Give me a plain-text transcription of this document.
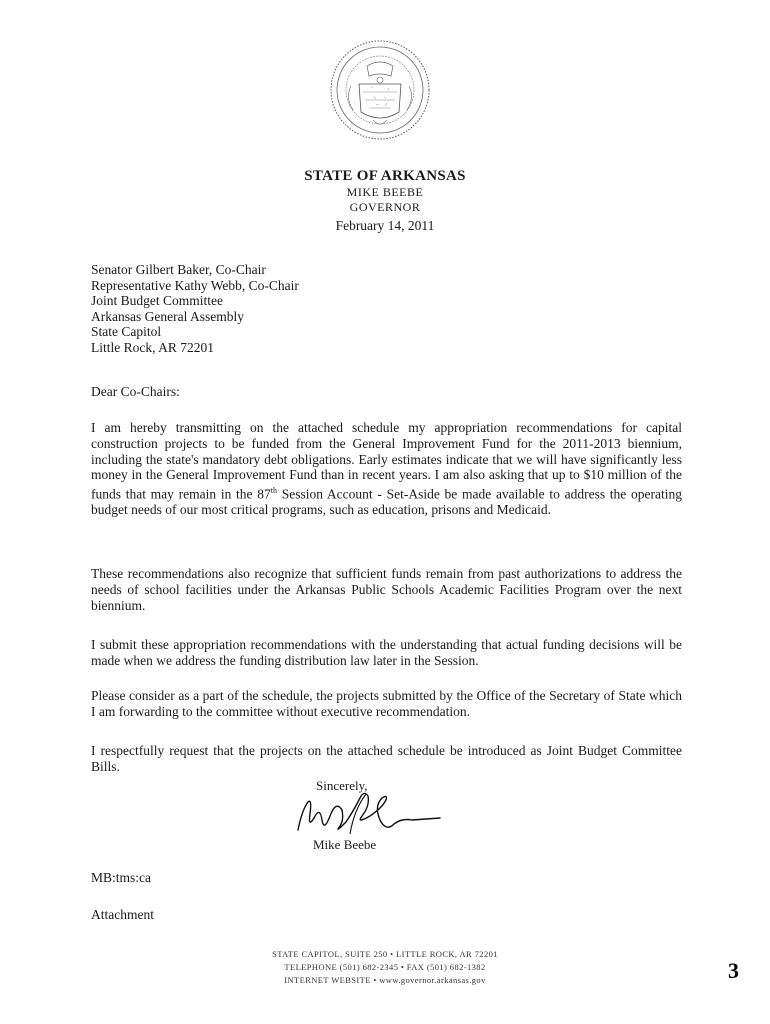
STATE OF ARKANSAS
MIKE BEEBE
GOVERNOR
February 14, 2011
Senator Gilbert Baker, Co-Chair
Representative Kathy Webb, Co-Chair
Joint Budget Committee
Arkansas General Assembly
State Capitol
Little Rock, AR 72201
Dear Co-Chairs:

I am hereby transmitting on the attached schedule my appropriation recommendations for capital construction projects to be funded from the General Improvement Fund for the 2011-2013 biennium, including the state's mandatory debt obligations. Early estimates indicate that we will have significantly less money in the General Improvement Fund than in recent years. I am also asking that up to $10 million of the funds that may remain in the 87th Session Account - Set-Aside be made available to address the operating budget needs of our most critical programs, such as education, prisons and Medicaid.

These recommendations also recognize that sufficient funds remain from past authorizations to address the needs of school facilities under the Arkansas Public Schools Academic Facilities Program over the next biennium.

I submit these appropriation recommendations with the understanding that actual funding decisions will be made when we address the funding distribution law later in the Session.

Please consider as a part of the schedule, the projects submitted by the Office of the Secretary of State which I am forwarding to the committee without executive recommendation.

I respectfully request that the projects on the attached schedule be introduced as Joint Budget Committee Bills.

Sincerely,
Mike Beebe
MB:tms:ca
Attachment
STATE CAPITOL, SUITE 250 • LITTLE ROCK, AR 72201
TELEPHONE (501) 682-2345 • FAX (501) 682-1382
INTERNET WEBSITE • www.governor.arkansas.gov	3
